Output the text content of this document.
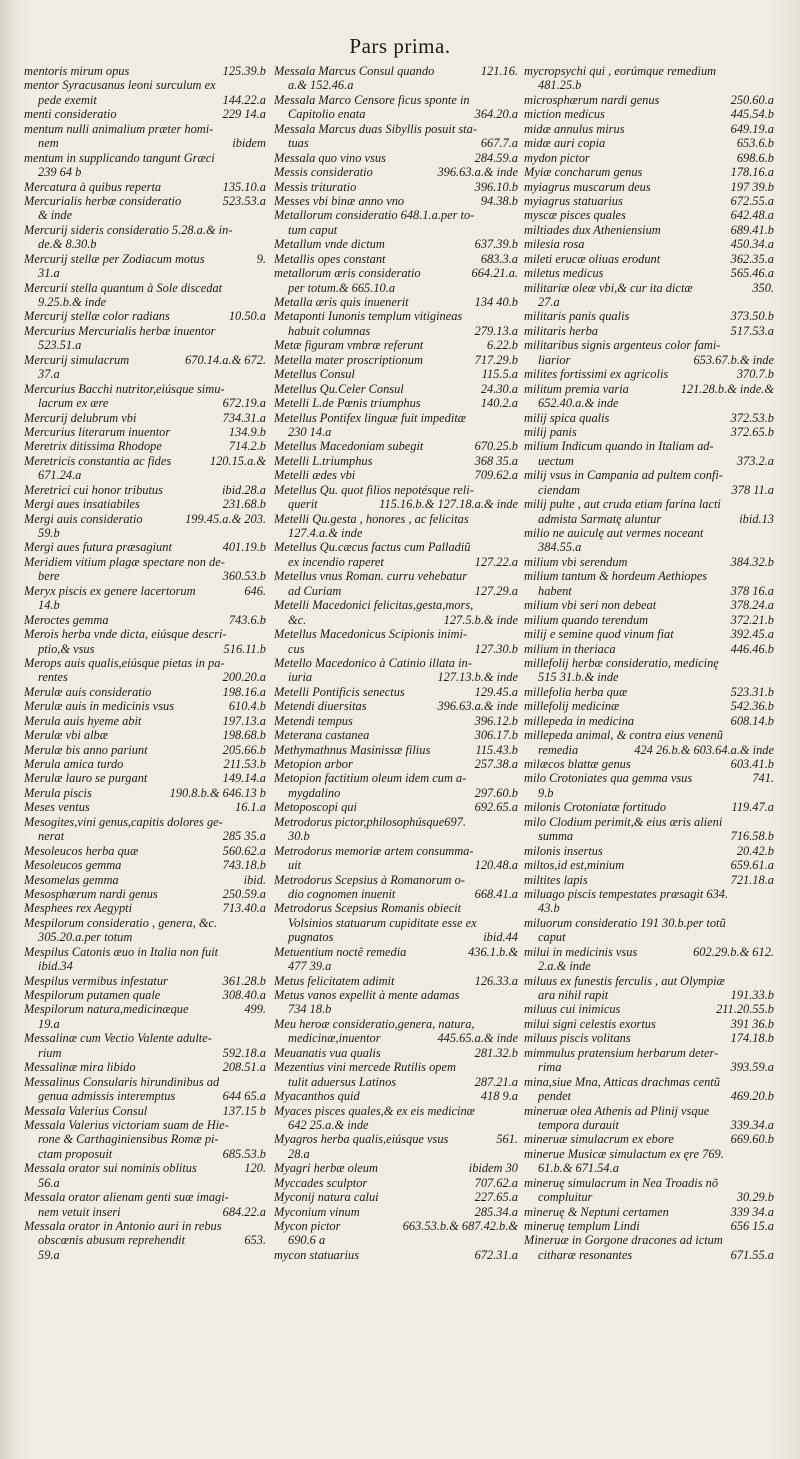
Pars prima.
125.39.b
mentoris mirum opus
mentor Syracusanus leoni surculum ex
144.22.a
pede exemit
229 14.a
menti consideratio
mentum nulli animalium præter homi-
ibidem
nem
mentum in supplicando tangunt Græci
239 64 b
135.10.a
Mercatura à quibus reperta
523.53.a
Mercurialis herbæ consideratio
& inde
Mercurij sideris consideratio 5.28.a.& in-
de.& 8.30.b
9.
Mercurij stellæ per Zodiacum motus
31.a
Mercurii stella quantum à Sole discedat
9.25.b.& inde
10.50.a
Mercurij stellæ color radians
Mercurius Mercurialis herbæ inuentor
523.51.a
670.14.a.& 672.
Mercurij simulacrum
37.a
Mercurius Bacchi nutritor,eiúsque simu-
672.19.a
lacrum ex ære
734.31.a
Mercurij delubrum vbi
134.9.b
Mercurius literarum inuentor
714.2.b
Meretrix ditissima Rhodope
120.15.a.&
Meretricis constantia ac fides
671.24.a
ibid.28.a
Meretrici cui honor tributus
231.68.b
Mergi aues insatiabiles
199.45.a.& 203.
Mergi auis consideratio
59.b
401.19.b
Mergi aues futura præsagiunt
Meridiem vitium plagæ spectare non de-
360.53.b
bere
646.
Meryx piscis ex genere lacertorum
14.b
743.6.b
Meroctes gemma
Merois herba vnde dicta, eiúsque descri-
516.11.b
ptio,& vsus
Merops auis qualis,eiúsque pietas in pa-
200.20.a
rentes
198.16.a
Merulæ auis consideratio
610.4.b
Merulæ auis in medicinis vsus
197.13.a
Merula auis hyeme abit
198.68.b
Merulæ vbi albæ
205.66.b
Merulæ bis anno pariunt
211.53.b
Merula amica turdo
149.14.a
Merulæ lauro se purgant
190.8.b.& 646.13 b
Merula piscis
16.1.a
Meses ventus
Mesogites,vini genus,capitis dolores ge-
285 35.a
nerat
560.62.a
Mesoleucos herba quæ
743.18.b
Mesoleucos gemma
ibid.
Mesomelas gemma
250.59.a
Mesosphærum nardi genus
713.40.a
Mesphees rex Aegypti
Mespilorum consideratio , genera, &c.
305.20.a.per totum
Mespilus Catonis æuo in Italia non fuit
ibid.34
361.28.b
Mespilus vermibus infestatur
308.40.a
Mespilorum putamen quale
499.
Mespilorum natura,medicinæque
19.a
Messalinæ cum Vectio Valente adulte-
592.18.a
rium
208.51.a
Messalinæ mira libido
Messalinus Consularis hirundinibus ad
644 65.a
genua admissis interemptus
137.15 b
Messala Valerius Consul
Messala Valerius victoriam suam de Hie-
rone & Carthaginiensibus Romæ pi-
685.53.b
ctam proposuit
120.
Messala orator sui nominis oblitus
56.a
Messala orator alienam genti suæ imagi-
684.22.a
nem vetuit inseri
Messala orator in Antonio auri in rebus
653.
obscœnis abusum reprehendit
59.a
121.16.
Messala Marcus Consul quando
a.& 152.46.a
Messala Marco Censore ficus sponte in
364.20.a
Capitolio enata
Messala Marcus duas Sibyllis posuit sta-
667.7.a
tuas
284.59.a
Messala quo vino vsus
396.63.a.& inde
Messis consideratio
396.10.b
Messis trituratio
94.38.b
Messes vbi binæ anno vno
Metallorum consideratio 648.1.a.per to-
tum caput
637.39.b
Metallum vnde dictum
683.3.a
Metallis opes constant
664.21.a.
metallorum æris consideratio
per totum.& 665.10.a
134 40.b
Metalla æris quis inuenerit
Metaponti Iunonis templum vitigineas
279.13.a
habuit columnas
6.22.b
Metæ figuram vmbræ referunt
717.29.b
Metella mater proscriptionum
115.5.a
Metellus Consul
24.30.a
Metellus Qu.Celer Consul
140.2.a
Metelli L.de Pœnis triumphus
Metellus Pontifex linguæ fuit impeditæ
230 14.a
670.25.b
Metellus Macedoniam subegit
368 35.a
Metelli L.triumphus
709.62.a
Metelli ædes vbi
Metellus Qu. quot filios nepotésque reli-
115.16.b.& 127.18.a.& inde
querit
Metelli Qu.gesta , honores , ac felicitas
127.4.a.& inde
Metellus Qu.cæcus factus cum Palladiũ
127.22.a
ex incendio raperet
Metellus vnus Roman. curru vehebatur
127.29.a
ad Curiam
Metelli Macedonici felicitas,gesta,mors,
127.5.b.& inde
&c.
Metellus Macedonicus Scipionis inimi-
127.30.b
cus
Metello Macedonico à Catinio illata in-
127.13.b.& inde
iuria
129.45.a
Metelli Pontificis senectus
396.63.a.& inde
Metendi diuersitas
396.12.b
Metendi tempus
306.17.b
Meterana castanea
115.43.b
Methymathnus Masinissæ filius
257.38.a
Metopion arbor
Metopion factitium oleum idem cum a-
297.60.b
mygdalino
692.65.a
Metoposcopi qui
Metrodorus pictor,philosophúsque697.
30.b
Metrodorus memoriæ artem consumma-
120.48.a
uit
Metrodorus Scepsius à Romanorum o-
668.41.a
dio cognomen inuenit
Metrodorus Scepsius Romanis obiecit
Volsinios statuarum cupiditate esse ex
ibid.44
pugnatos
436.1.b.&
Metuentium noctê remedia
477 39.a
126.33.a
Metus felicitatem adimit
Metus vanos expellit à mente adamas
734 18.b
Meu heroæ consideratio,genera, natura,
445.65.a.& inde
medicinæ,inuentor
281.32.b
Meuanatis vua qualis
Mezentius vini mercede Rutilis opem
287.21.a
tulit aduersus Latinos
418 9.a
Myacanthos quid
Myaces pisces quales,& ex eis medicinæ
642 25.a.& inde
561.
Myagros herba qualis,eiúsque vsus
28.a
ibidem 30
Myagri herbæ oleum
707.62.a
Myccades sculptor
227.65.a
Myconij natura calui
285.34.a
Myconium vinum
663.53.b.& 687.42.b.&
Mycon pictor
690.6 a
672.31.a
mycon statuarius
mycropsychi qui , eorúmque remedium
481.25.b
250.60.a
microsphærum nardi genus
445.54.b
miction medicus
649.19.a
midæ annulus mirus
653.6.b
midæ auri copia
698.6.b
mydon pictor
178.16.a
Myiæ concharum genus
197 39.b
myiagrus muscarum deus
672.55.a
myiagrus statuarius
642.48.a
myscæ pisces quales
689.41.b
miltiades dux Atheniensium
450.34.a
milesia rosa
362.35.a
mileti erucæ oliuas erodunt
565.46.a
miletus medicus
350.
militariæ oleæ vbi,& cur ita dictæ
27.a
373.50.b
militaris panis qualis
517.53.a
militaris herba
militaribus signis argenteus color fami-
653.67.b.& inde
liarior
370.7.b
milites fortissimi ex agricolis
121.28.b.& inde.&
militum premia varia
652.40.a.& inde
372.53.b
milij spica qualis
372.65.b
milij panis
milium Indicum quando in Italiam ad-
373.2.a
uectum
milij vsus in Campania ad pultem confi-
378 11.a
ciendam
milij pulte , aut cruda etiam farina lacti
ibid.13
admista Sarmatę aluntur
milio ne auiculę aut vermes noceant
384.55.a
384.32.b
milium vbi serendum
milium tantum & hordeum Aethiopes
378 16.a
habent
378.24.a
milium vbi seri non debeat
372.21.b
milium quando terendum
392.45.a
milij e semine quod vinum fiat
446.46.b
milium in theriaca
millefolij herbæ consideratio, medicinę
515 31.b.& inde
523.31.b
millefolia herba quæ
542.36.b
millefolij medicinæ
608.14.b
millepeda in medicina
millepeda animal, & contra eius venenũ
424 26.b.& 603.64.a.& inde
remedia
603.41.b
milæcos blattæ genus
741.
milo Crotoniates qua gemma vsus
9.b
119.47.a
milonis Crotoniatæ fortitudo
milo Clodium perimit,& eius æris alieni
716.58.b
summa
20.42.b
milonis insertus
659.61.a
miltos,id est,minium
721.18.a
miltites lapis
miluago piscis tempestates præsagit 634.
43.b
miluorum consideratio 191 30.b.per totũ
caput
602.29.b.& 612.
milui in medicinis vsus
2.a.& inde
miluus ex funestis ferculis , aut Olympiæ
191.33.b
ara nihil rapit
211.20.55.b
miluus cui inimicus
391 36.b
milui signi celestis exortus
174.18.b
miluus piscis volitans
mimmulus pratensium herbarum deter-
393.59.a
rima
mina,siue Mna, Atticas drachmas centũ
469.20.b
pendet
mineruæ olea Athenis ad Plinij vsque
339.34.a
tempora durauit
669.60.b
mineruæ simulacrum ex ebore
minerue Musicæ simulactum ex ęre 769.
61.b.& 671.54.a
mineruę simulacrum in Nea Troadis nõ
30.29.b
compluitur
339 34.a
mineruę & Neptuni certamen
656 15.a
mineruę templum Lindi
Mineruæ in Gorgone dracones ad ictum
671.55.a
citharæ resonantes
